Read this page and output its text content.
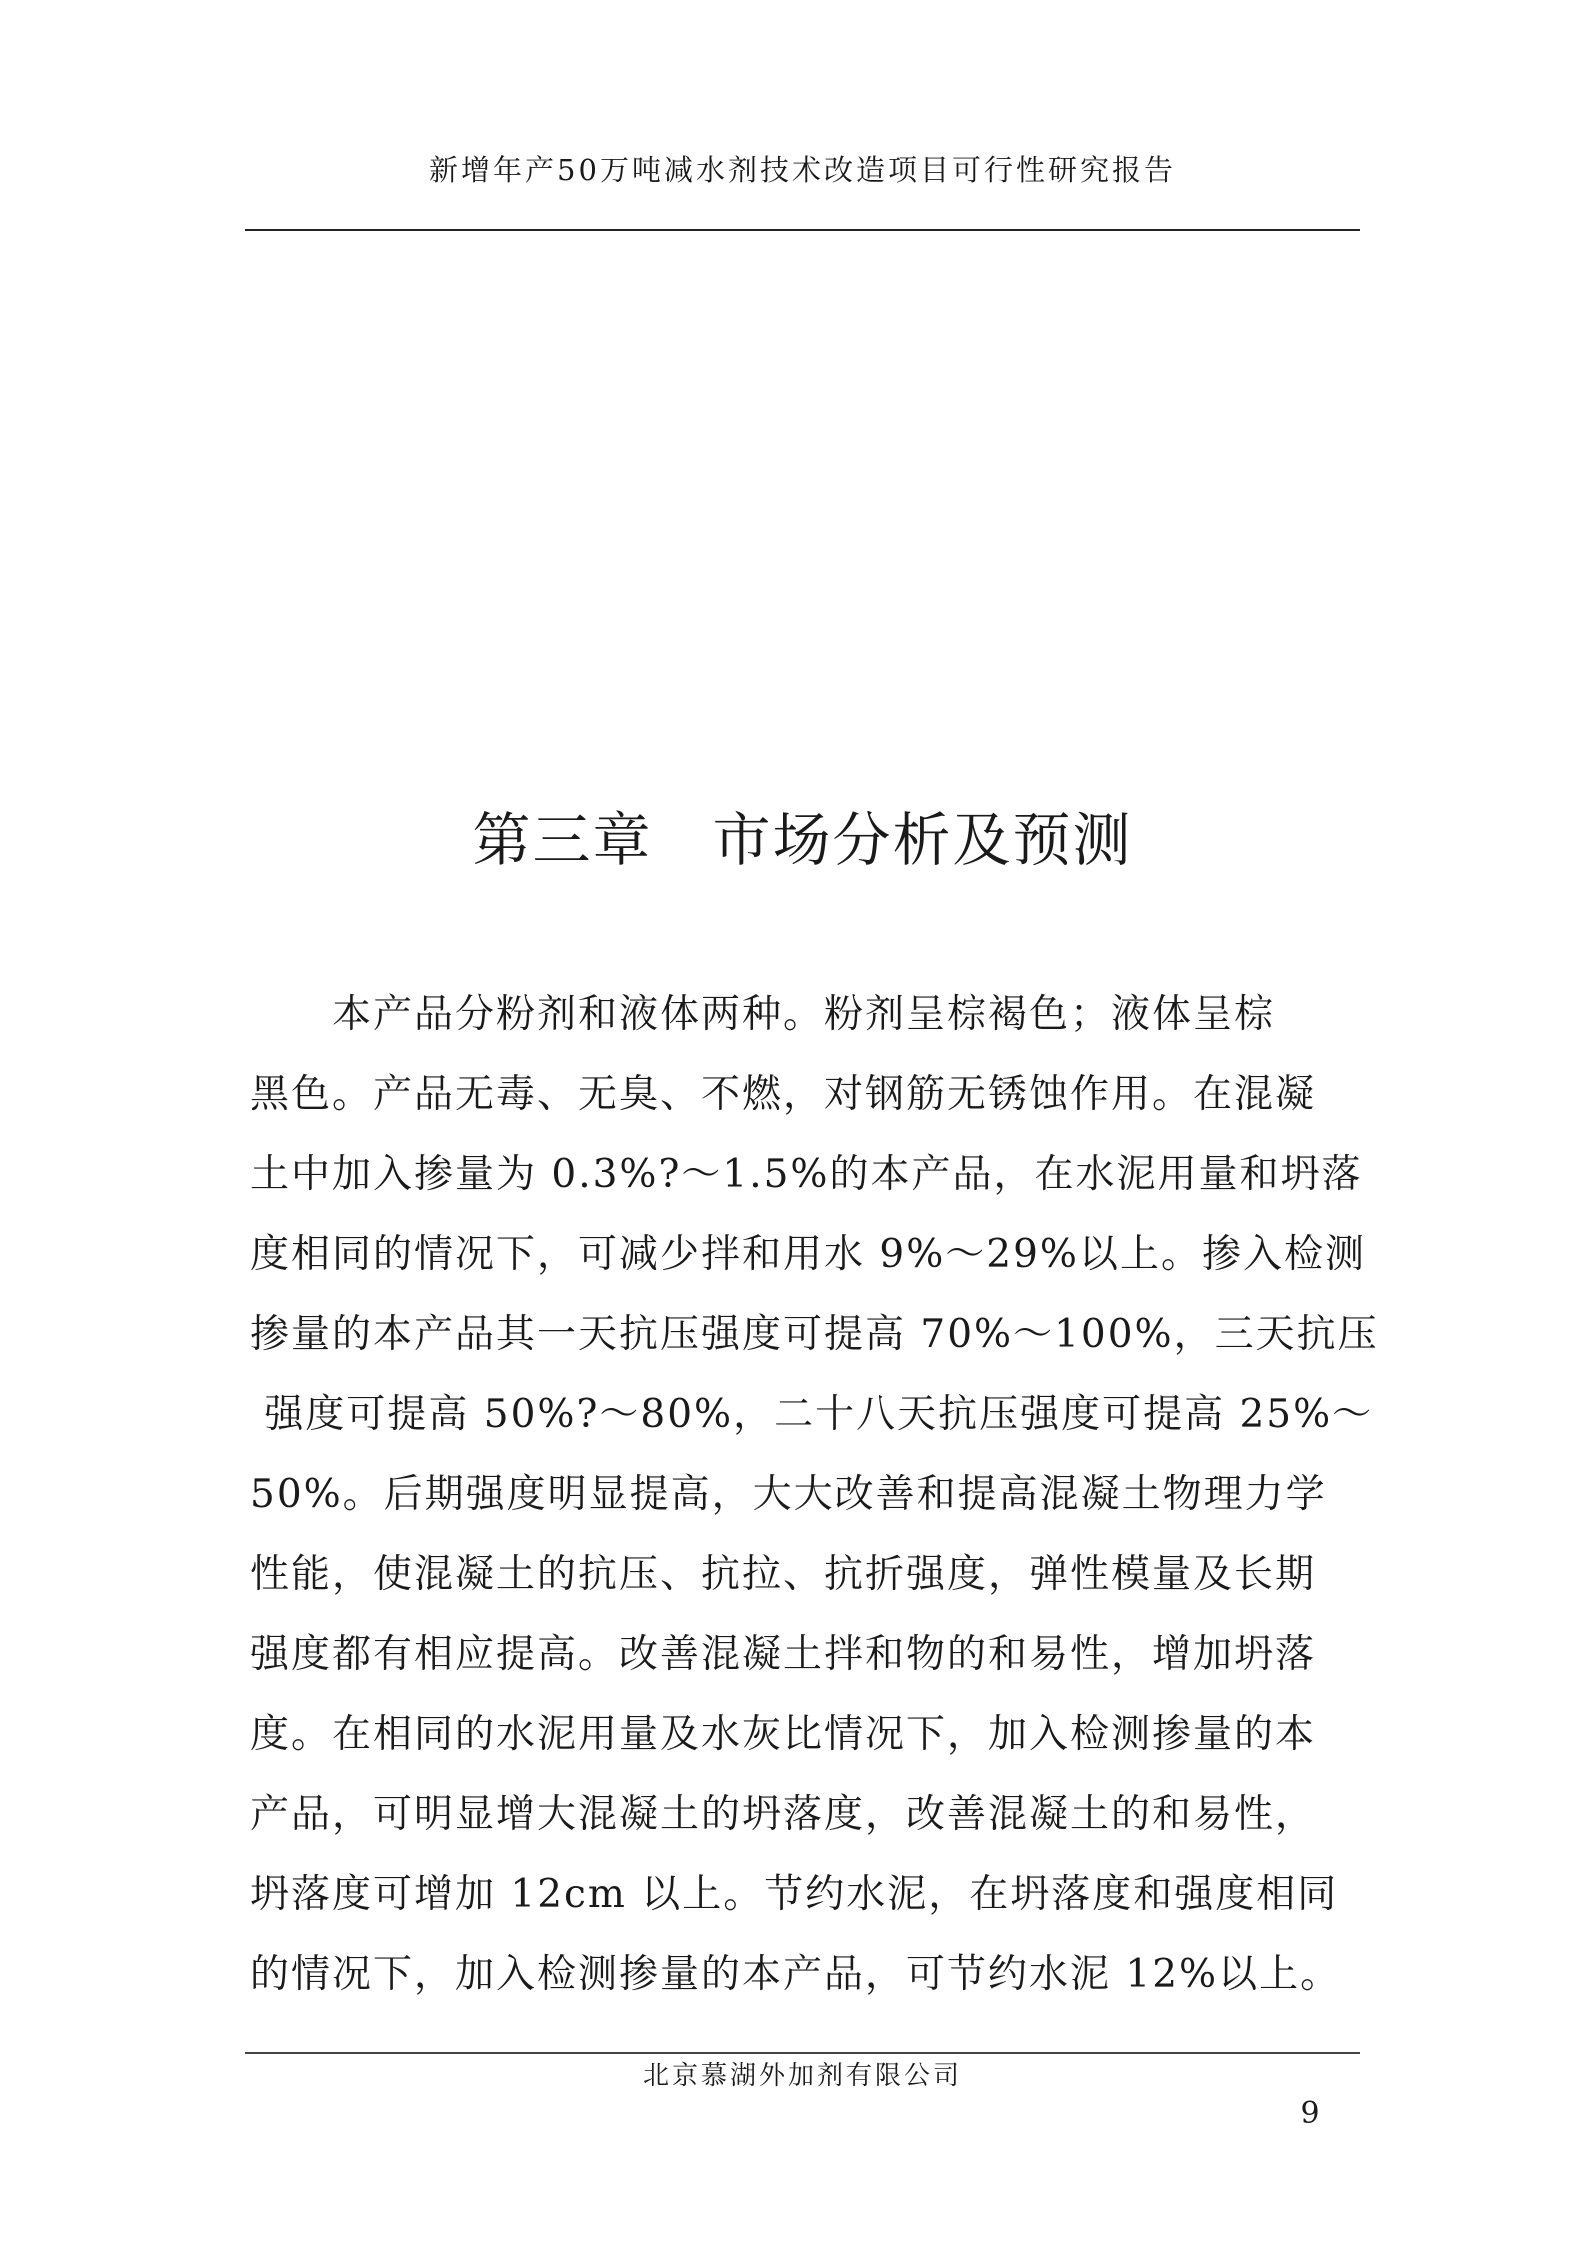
新增年产50万吨减水剂技术改造项目可行性研究报告
第三章　市场分析及预测
　　本产品分粉剂和液体两种。粉剂呈棕褐色；液体呈棕
黑色。产品无毒、无臭、不燃，对钢筋无锈蚀作用。在混凝
土中加入掺量为 0.3%?～1.5%的本产品，在水泥用量和坍落
度相同的情况下，可减少拌和用水 9%～29%以上。掺入检测
掺量的本产品其一天抗压强度可提高 70%～100%，三天抗压
强度可提高 50%?～80%，二十八天抗压强度可提高 25%～
50%。后期强度明显提高，大大改善和提高混凝土物理力学
性能，使混凝土的抗压、抗拉、抗折强度，弹性模量及长期
强度都有相应提高。改善混凝土拌和物的和易性，增加坍落
度。在相同的水泥用量及水灰比情况下，加入检测掺量的本
产品，可明显增大混凝土的坍落度，改善混凝土的和易性，
坍落度可增加 12cm 以上。节约水泥，在坍落度和强度相同
的情况下，加入检测掺量的本产品，可节约水泥 12%以上。
北京慕湖外加剂有限公司
9
